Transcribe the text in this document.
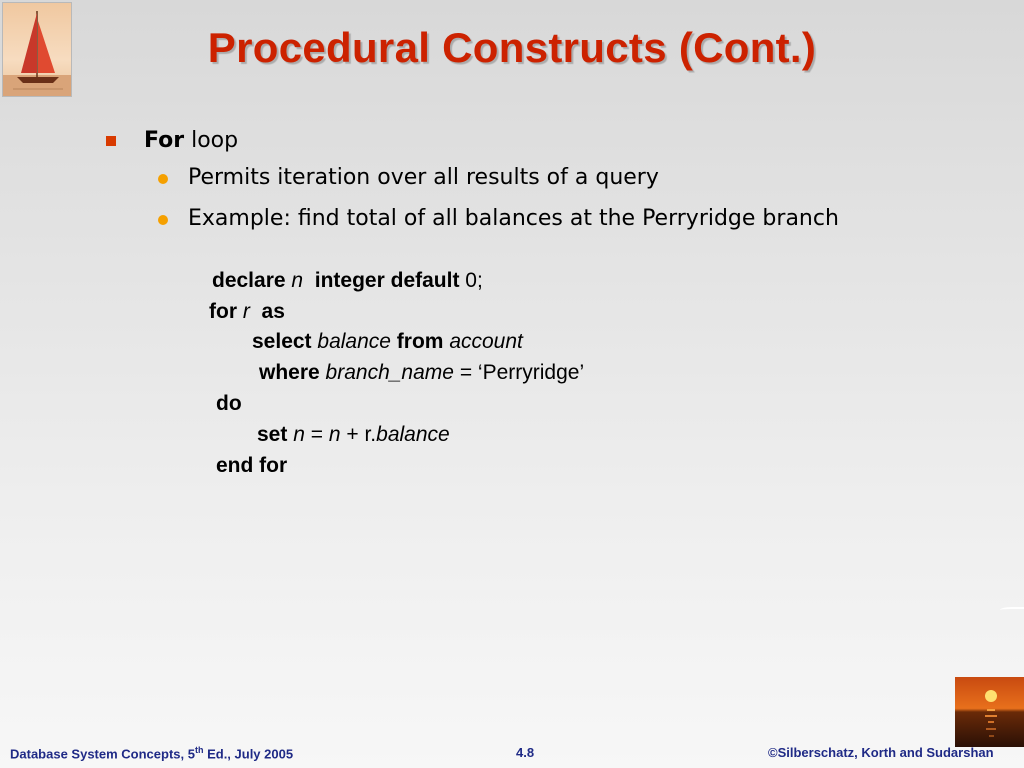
Procedural Constructs (Cont.)
For loop
Permits iteration over all results of a query
Example: find total of all balances at the Perryridge branch
declare n integer default 0;
for r as
select balance from account
where branch_name = ‘Perryridge’
do
set n = n + r.balance
end for
Database System Concepts, 5th Ed., July 2005	4.8	©Silberschatz, Korth and Sudarshan
